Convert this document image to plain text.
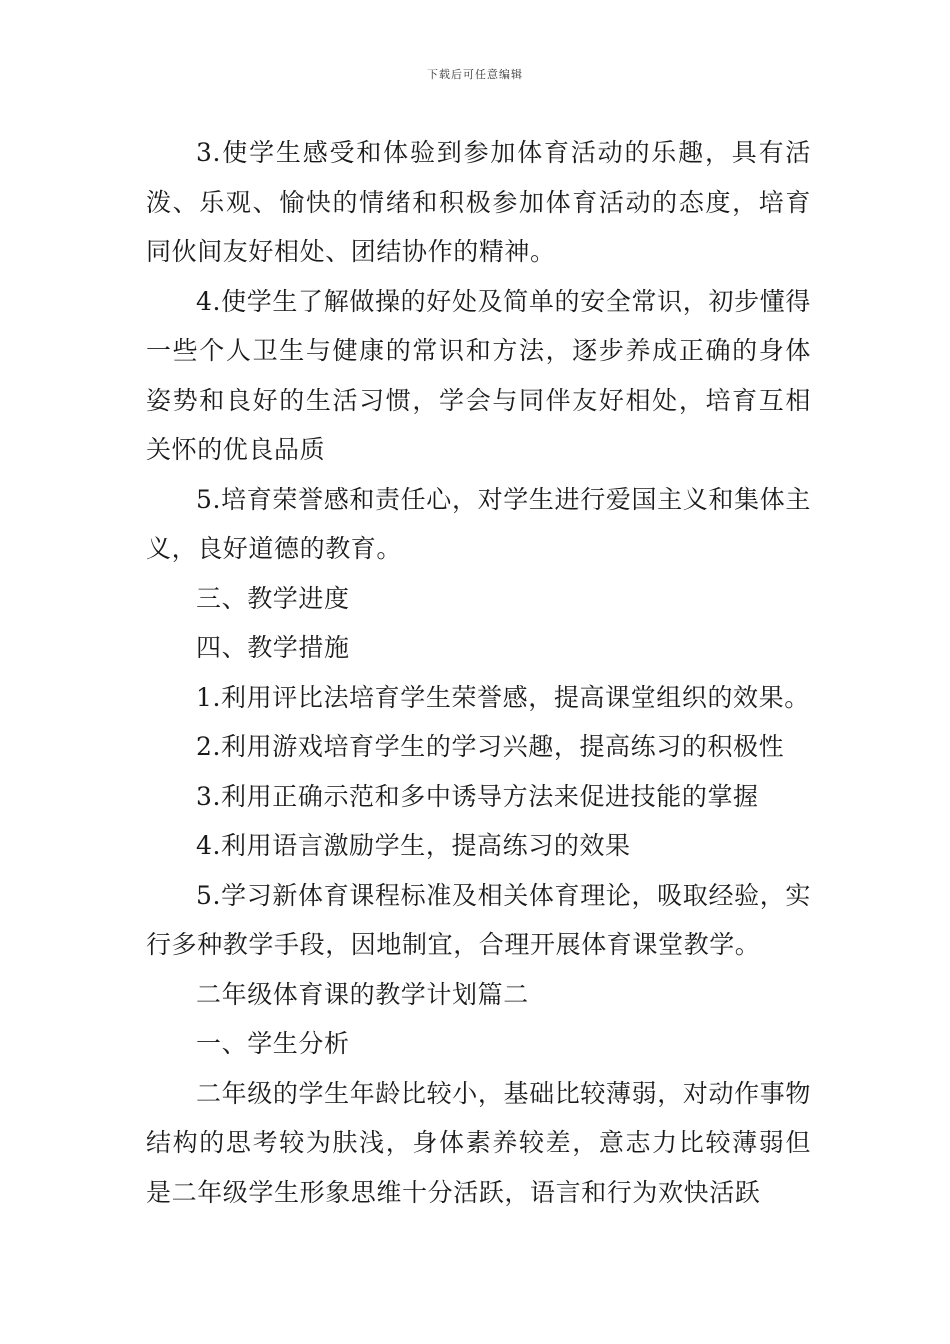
下载后可任意编辑

3.使学生感受和体验到参加体育活动的乐趣，具有活泼、乐观、愉快的情绪和积极参加体育活动的态度，培育同伙间友好相处、团结协作的精神。

4.使学生了解做操的好处及简单的安全常识，初步懂得一些个人卫生与健康的常识和方法，逐步养成正确的身体姿势和良好的生活习惯，学会与同伴友好相处，培育互相关怀的优良品质

5.培育荣誉感和责任心，对学生进行爱国主义和集体主义，良好道德的教育。

三、教学进度

四、教学措施

1.利用评比法培育学生荣誉感，提高课堂组织的效果。

2.利用游戏培育学生的学习兴趣，提高练习的积极性

3.利用正确示范和多中诱导方法来促进技能的掌握

4.利用语言激励学生，提高练习的效果

5.学习新体育课程标准及相关体育理论，吸取经验，实行多种教学手段，因地制宜，合理开展体育课堂教学。

二年级体育课的教学计划篇二

一、学生分析

二年级的学生年龄比较小，基础比较薄弱，对动作事物结构的思考较为肤浅，身体素养较差，意志力比较薄弱但是二年级学生形象思维十分活跃，语言和行为欢快活跃
